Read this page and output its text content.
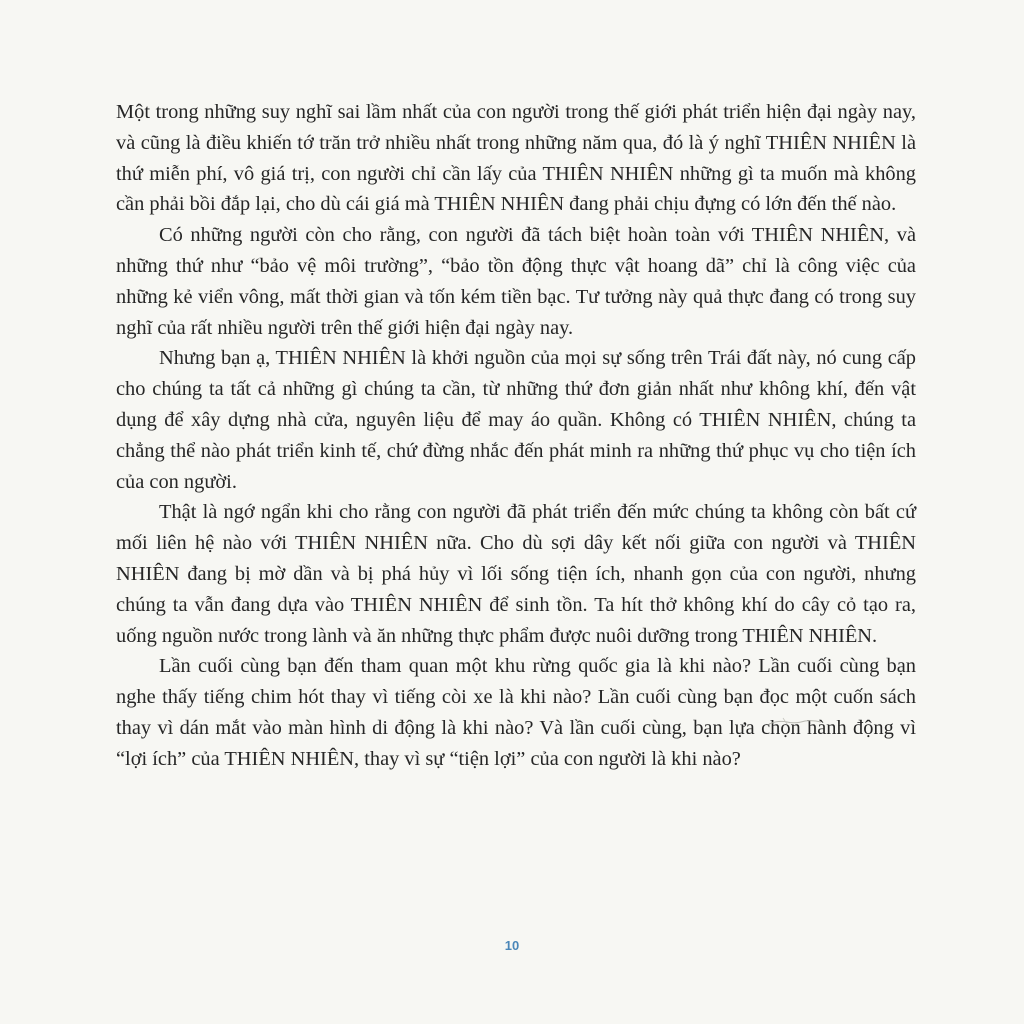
Một trong những suy nghĩ sai lầm nhất của con người trong thế giới phát triển hiện đại ngày nay, và cũng là điều khiến tớ trăn trở nhiều nhất trong những năm qua, đó là ý nghĩ THIÊN NHIÊN là thứ miễn phí, vô giá trị, con người chỉ cần lấy của THIÊN NHIÊN những gì ta muốn mà không cần phải bồi đắp lại, cho dù cái giá mà THIÊN NHIÊN đang phải chịu đựng có lớn đến thế nào.

Có những người còn cho rằng, con người đã tách biệt hoàn toàn với THIÊN NHIÊN, và những thứ như “bảo vệ môi trường”, “bảo tồn động thực vật hoang dã” chỉ là công việc của những kẻ viển vông, mất thời gian và tốn kém tiền bạc. Tư tưởng này quả thực đang có trong suy nghĩ của rất nhiều người trên thế giới hiện đại ngày nay.

Nhưng bạn ạ, THIÊN NHIÊN là khởi nguồn của mọi sự sống trên Trái đất này, nó cung cấp cho chúng ta tất cả những gì chúng ta cần, từ những thứ đơn giản nhất như không khí, đến vật dụng để xây dựng nhà cửa, nguyên liệu để may áo quần. Không có THIÊN NHIÊN, chúng ta chẳng thể nào phát triển kinh tế, chứ đừng nhắc đến phát minh ra những thứ phục vụ cho tiện ích của con người.

Thật là ngớ ngẩn khi cho rằng con người đã phát triển đến mức chúng ta không còn bất cứ mối liên hệ nào với THIÊN NHIÊN nữa. Cho dù sợi dây kết nối giữa con người và THIÊN NHIÊN đang bị mờ dần và bị phá hủy vì lối sống tiện ích, nhanh gọn của con người, nhưng chúng ta vẫn đang dựa vào THIÊN NHIÊN để sinh tồn. Ta hít thở không khí do cây cỏ tạo ra, uống nguồn nước trong lành và ăn những thực phẩm được nuôi dưỡng trong THIÊN NHIÊN.

Lần cuối cùng bạn đến tham quan một khu rừng quốc gia là khi nào? Lần cuối cùng bạn nghe thấy tiếng chim hót thay vì tiếng còi xe là khi nào? Lần cuối cùng bạn đọc một cuốn sách thay vì dán mắt vào màn hình di động là khi nào? Và lần cuối cùng, bạn lựa chọn hành động vì “lợi ích” của THIÊN NHIÊN, thay vì sự “tiện lợi” của con người là khi nào?

10
